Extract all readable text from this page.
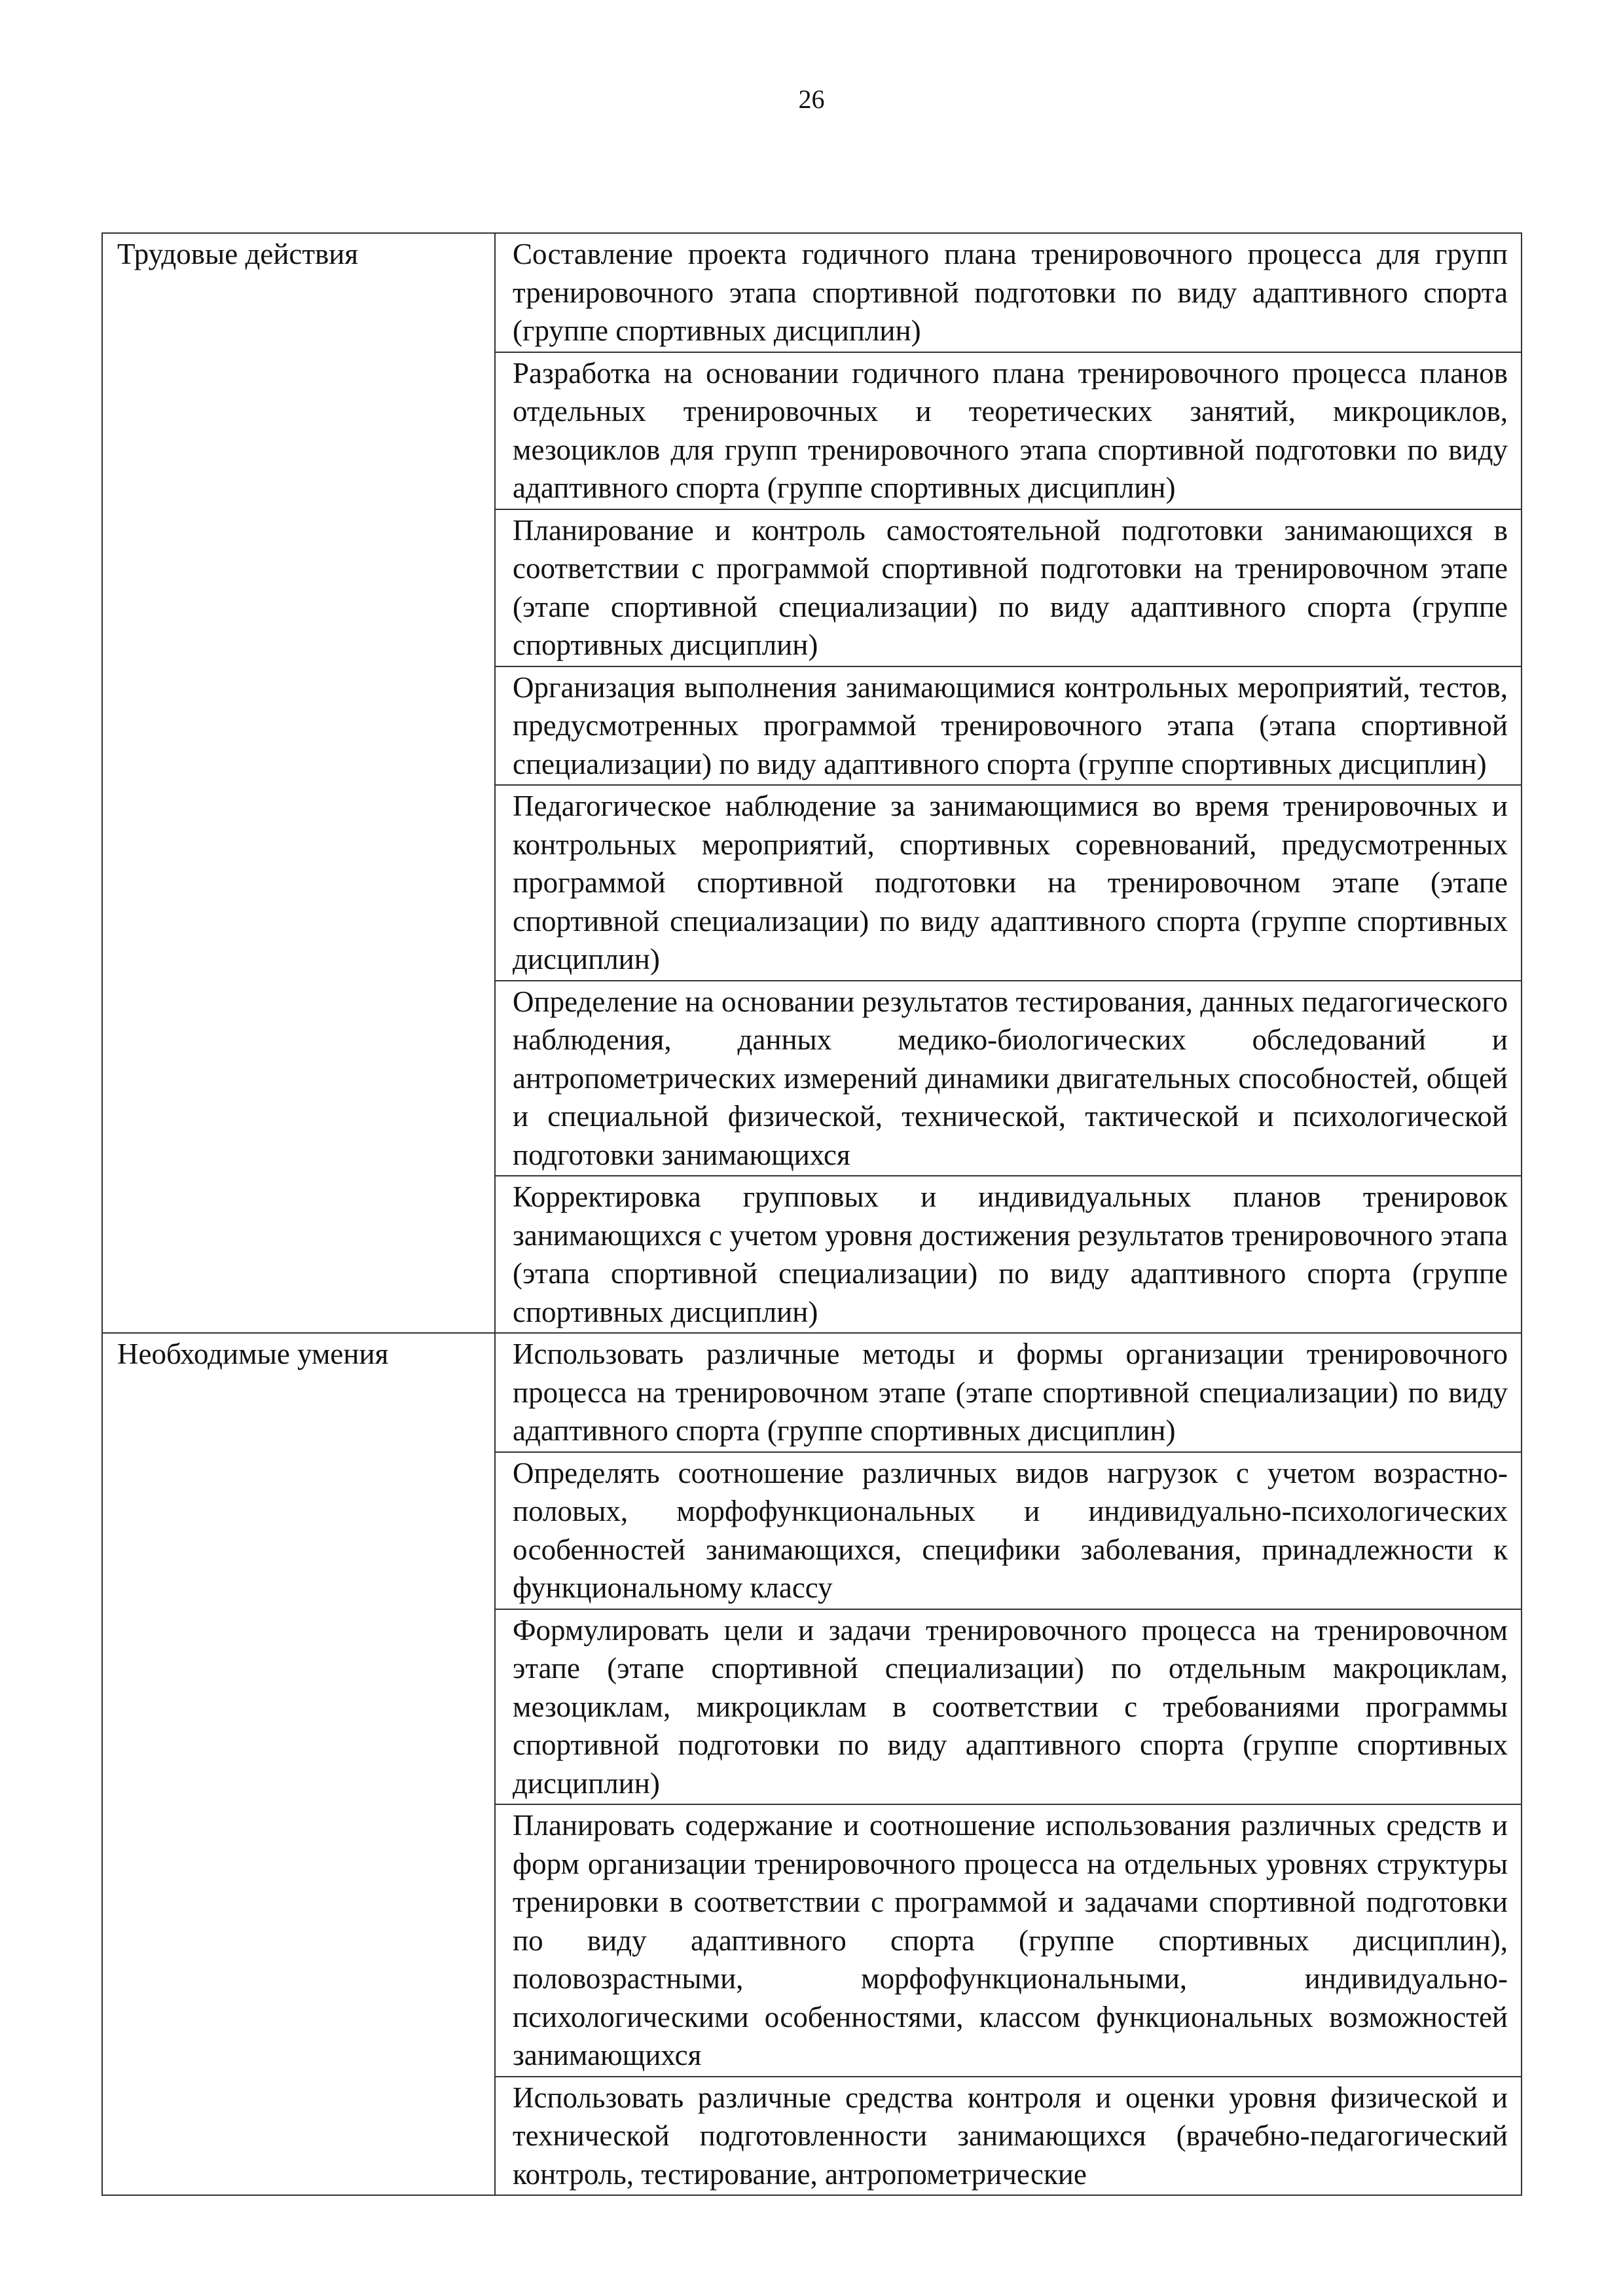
26
Трудовые действия	Составление проекта годичного плана тренировочного процесса для групп тренировочного этапа спортивной подготовки по виду адаптивного спорта (группе спортивных дисциплин)
	Разработка на основании годичного плана тренировочного процесса планов отдельных тренировочных и теоретических занятий, микроциклов, мезоциклов для групп тренировочного этапа спортивной подготовки по виду адаптивного спорта (группе спортивных дисциплин)
	Планирование и контроль самостоятельной подготовки занимающихся в соответствии с программой спортивной подготовки на тренировочном этапе (этапе спортивной специализации) по виду адаптивного спорта (группе спортивных дисциплин)
	Организация выполнения занимающимися контрольных мероприятий, тестов, предусмотренных программой тренировочного этапа (этапа спортивной специализации) по виду адаптивного спорта (группе спортивных дисциплин)
	Педагогическое наблюдение за занимающимися во время тренировочных и контрольных мероприятий, спортивных соревнований, предусмотренных программой спортивной подготовки на тренировочном этапе (этапе спортивной специализации) по виду адаптивного спорта (группе спортивных дисциплин)
	Определение на основании результатов тестирования, данных педагогического наблюдения, данных медико-биологических обследований и антропометрических измерений динамики двигательных способностей, общей и специальной физической, технической, тактической и психологической подготовки занимающихся
	Корректировка групповых и индивидуальных планов тренировок занимающихся с учетом уровня достижения результатов тренировочного этапа (этапа спортивной специализации) по виду адаптивного спорта (группе спортивных дисциплин)
Необходимые умения	Использовать различные методы и формы организации тренировочного процесса на тренировочном этапе (этапе спортивной специализации) по виду адаптивного спорта (группе спортивных дисциплин)
	Определять соотношение различных видов нагрузок с учетом возрастно-половых, морфофункциональных и индивидуально-психологических особенностей занимающихся, специфики заболевания, принадлежности к функциональному классу
	Формулировать цели и задачи тренировочного процесса на тренировочном этапе (этапе спортивной специализации) по отдельным макроциклам, мезоциклам, микроциклам в соответствии с требованиями программы спортивной подготовки по виду адаптивного спорта (группе спортивных дисциплин)
	Планировать содержание и соотношение использования различных средств и форм организации тренировочного процесса на отдельных уровнях структуры тренировки в соответствии с программой и задачами спортивной подготовки по виду адаптивного спорта (группе спортивных дисциплин), половозрастными, морфофункциональными, индивидуально-психологическими особенностями, классом функциональных возможностей занимающихся
	Использовать различные средства контроля и оценки уровня физической и технической подготовленности занимающихся (врачебно-педагогический контроль, тестирование, антропометрические
